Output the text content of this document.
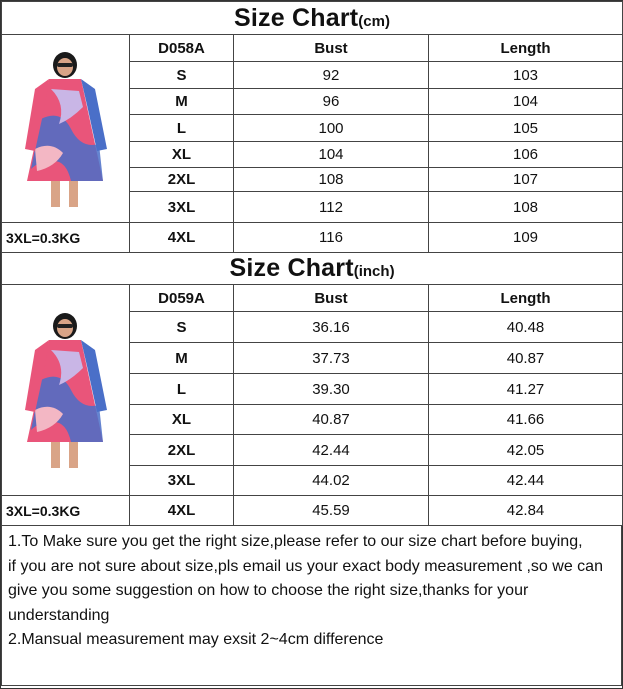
Size Chart(cm)			

	D058A	Bust	Length
	S	92	103
	M	96	104
	L	100	105
	XL	104	106
	2XL	108	107
	3XL	112	108
3XL=0.3KG	4XL	116	109
Size Chart(inch)			

	D059A	Bust	Length
	S	36.16	40.48
	M	37.73	40.87
	L	39.30	41.27
	XL	40.87	41.66
	2XL	42.44	42.05
	3XL	44.02	42.44
3XL=0.3KG	4XL	45.59	42.84

1.To Make sure you get the right size,please refer to our size chart before buying,

if you are not sure about size,pls email us your exact body measurement ,so we can give you some suggestion on how to choose the right size,thanks for your understanding

2.Mansual measurement may exsit 2~4cm difference
